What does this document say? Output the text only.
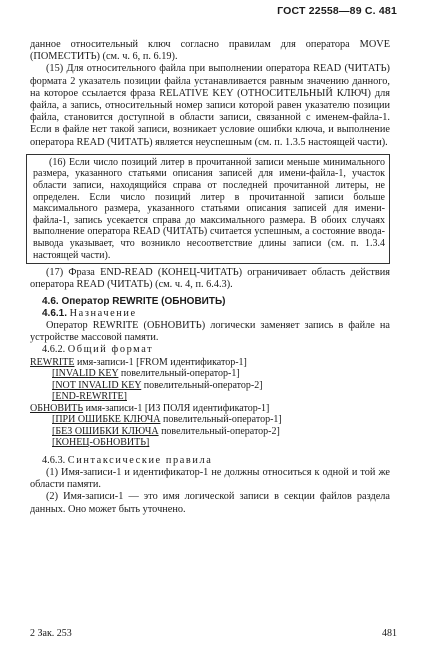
ГОСТ 22558—89 С. 481

данное относительный ключ согласно правилам для оператора MOVE (ПОМЕСТИТЬ) (см. ч. 6, п. 6.19).

(15) Для относительного файла при выполнении оператора READ (ЧИТАТЬ) формата 2 указатель позиции файла устанавливается равным значению данного, на которое ссылается фраза RELATIVE KEY (ОТНОСИТЕЛЬНЫЙ КЛЮЧ) для файла, а запись, относительный номер записи которой равен указателю позиции файла, становится доступной в области записи, связанной с именем-файла-1. Если в файле нет такой записи, возникает условие ошибки ключа, и выполнение оператора READ (ЧИТАТЬ) является неуспешным (см. п. 1.3.5 настоящей части).

(16) Если число позиций литер в прочитанной записи меньше минимального размера, указанного статьями описания записей для имени-файла-1, участок области записи, находящийся справа от последней прочитанной литеры, не определен. Если число позиций литер в прочитанной записи больше максимального размера, указанного статьями описания записей для имени-файла-1, запись усекается справа до максимального размера. В обоих случаях выполнение оператора READ (ЧИТАТЬ) считается успешным, а состояние ввода-вывода указывает, что возникло несоответствие длины записи (см. п. 1.3.4 настоящей части).

(17) Фраза END-READ (КОНЕЦ-ЧИТАТЬ) ограничивает область действия оператора READ (ЧИТАТЬ) (см. ч. 4, п. 6.4.3).

4.6. Оператор REWRITE (ОБНОВИТЬ)
4.6.1. Назначение

Оператор REWRITE (ОБНОВИТЬ) логически заменяет запись в файле на устройстве массовой памяти.

4.6.2. Общий формат
REWRITE имя-записи-1 [FROM идентификатор-1]
[INVALID KEY повелительный-оператор-1]
[NOT INVALID KEY повелительный-оператор-2]
[END-REWRITE]
ОБНОВИТЬ имя-записи-1 [ИЗ ПОЛЯ идентификатор-1]
[ПРИ ОШИБКЕ КЛЮЧА повелительный-оператор-1]
[БЕЗ ОШИБКИ КЛЮЧА повелительный-оператор-2]
[КОНЕЦ-ОБНОВИТЬ]
4.6.3. Синтаксические правила

(1) Имя-записи-1 и идентификатор-1 не должны относиться к одной и той же области памяти.

(2) Имя-записи-1 — это имя логической записи в секции файлов раздела данных. Оно может быть уточнено.

2 Зак. 253	481
